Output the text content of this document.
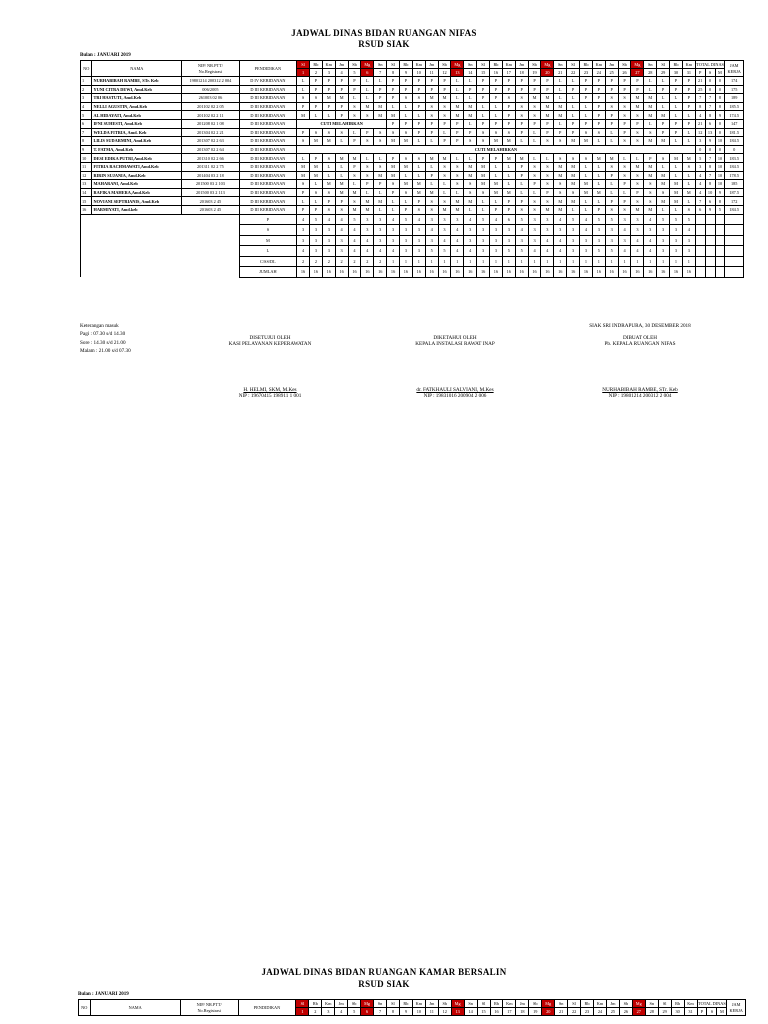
JADWAL DINAS BIDAN RUANGAN NIFAS
RSUD SIAK
Bulan : JANUARI 2019
NO	NAMA	NIP/ NR.PTT/
No.Registrasi	PENDIDIKAN	Sl	Rb	Km	Jm	Sb	Mg	Sn	Sl	Rb	Km	Jm	Sb	Mg	Sn	Sl	Rb	Km	Jm	Sb	Mg	Sn	Sl	Rb	Km	Jm	Sb	Mg	Sn	Sl	Rb	Km	TOTAL DINAS			JAM KERJA
				1	2	3	4	5	6	7	8	9	10	11	12	13	14	15	16	17	18	19	20	21	22	23	24	25	26	27	28	29	30	31	P	S	M	
1	NURHABIBAH RAMBE, STr. Keb	19801214 200312 2 004	D IV KEBIDANAN	L	P	P	P	P	L	L	P	P	P	P	P	L	L	P	P	P	P	P	P	L	L	P	P	P	P	P	L	L	P	P	21	0	0	174
2	YUNI CITRA DEWI, Amd.Keb	006/2005	D III KEBIDANAN	L	P	P	P	P	L	P	P	P	P	P	P	L	P	P	P	P	P	P	P	L	P	P	P	P	P	P	L	P	P	P	25	0	0	175
3	TRI HASTUTI, Amd.Keb	261003 02 06	D III KEBIDANAN	S	S	M	M	L	L	P	P	S	S	M	M	L	L	P	P	S	S	M	M	L	L	P	P	S	S	M	M	L	L	P	7	7	8	189
4	NELLI AGUSTIN, Amd.Keb	201102 02 2 05	D III KEBIDANAN	P	P	P	P	S	M	M	L	L	P	S	S	M	M	L	L	P	S	S	M	M	L	L	P	S	S	M	M	L	L	P	8	7	8	185.5
5	AL HIDAYATI, Amd.Keb	201102 02 2 11	D III KEBIDANAN	M	L	L	P	S	S	M	M	L	L	S	S	M	M	L	L	P	S	S	M	M	L	L	P	P	S	S	M	M	L	L	4	8	9	174.5
6	IFNI SUHESTI, Amd.Keb	201208 02 1 08	D III KEBIDANAN	CUTI MELAHIRKAN							P	P	P	P	P	P	L	P	P	P	P	P	P	L	P	P	P	P	P	P	L	P	P	P	21	6	0	147
7	WELDA FITRIA, Amd. Keb	201304 02 2 21	D III KEBIDANAN	P	S	S	S	L	P	S	S	S	P	P	L	P	P	S	S	S	P	L	P	P	P	S	S	L	P	S	S	P	P	L	12	13	0	181.5
8	LILIS SUDARMINI, Amd.Keb	201307 02 2 63	D III KEBIDANAN	S	M	M	L	P	S	S	M	M	L	L	P	P	S	S	M	M	L	L	S	S	M	M	L	L	S	S	M	M	L	L	3	9	10	184.5
9	T. FATMA, Amd.Keb	201307 02 2 64	D III KEBIDANAN	CUTI MELAHIRKAN																															0	0	0	0
10	DESI EDIKA PUTRI,Amd.Keb	201310 02 2 66	D III KEBIDANAN	L	P	S	M	M	L	L	P	S	S	M	M	L	L	P	P	M	M	L	L	S	S	S	M	M	L	L	P	S	M	M	5	7	10	183.5
11	FITRIA RACHMAWATI,Amd.Keb	201311 02 2 75	D III KEBIDANAN	M	M	L	L	P	S	S	M	M	L	L	S	S	M	M	L	L	P	S	S	M	M	L	L	S	S	M	M	L	L	S	3	8	10	184.5
12	RIRIN SUJANIA, Amd.Keb	201404 03 2 18	D III KEBIDANAN	M	M	L	L	S	S	M	M	L	L	P	S	S	M	M	L	L	P	S	S	M	M	L	L	P	S	S	M	M	L	L	4	7	10	178.5
13	MAHARANI, Amd.Keb	201500 03 2 103	D III KEBIDANAN	S	L	M	M	L	P	P	S	M	M	L	L	S	S	M	M	L	L	P	S	S	M	M	L	L	P	S	S	M	M	L	4	8	10	185
14	RAFIKA MAHERA,Amd.Keb	201500 03 2 113	D III KEBIDANAN	P	S	S	M	M	L	L	P	S	M	M	L	L	S	S	M	M	L	L	P	S	S	M	M	L	L	P	S	S	M	M	4	10	9	187.5
15	NOVIANI SEPTRIANIS, Amd.Keb	201603 2 45	D III KEBIDANAN	L	L	P	P	S	M	M	L	L	P	S	S	M	M	L	L	P	P	S	S	M	M	L	L	P	P	S	S	M	M	L	7	6	8	172
16	HARMIYATI, Amd.keb	201603 2 45	D III KEBIDANAN	P	P	S	S	M	M	L	L	P	S	S	M	M	L	L	P	P	S	S	M	M	L	L	P	S	S	M	M	L	L	S	6	9	5	184.5
			P	4	5	4	4	5	3	3	4	5	4	3	3	3	4	5	4	6	5	3	3	4	5	4	5	5	3	3	4	5	5	5				
			S	3	3	3	4	4	3	3	3	3	3	4	3	4	3	3	3	3	4	3	3	3	3	4	3	3	4	3	3	3	3	4				
			M	3	3	3	3	4	4	3	3	3	3	3	4	4	3	3	3	3	3	3	4	4	3	3	3	3	3	4	4	3	3	3				
			L	4	3	3	3	4	4	4	4	3	3	5	5	4	4	3	3	5	5	4	4	4	3	3	5	5	4	4	4	3	3	3				
			C/SS/DL	2	2	2	2	2	2	2	1	1	1	1	1	1	1	1	1	1	1	1	1	1	1	1	1	1	1	1	1	1	1	1				
			JUMLAH	16	16	16	16	16	16	16	16	16	16	16	16	16	16	16	16	16	16	16	16	16	16	16	16	16	16	16	16	16	16	16				
Keterangan masuk
Pagi : 07.30 s/d 14.30
Sore : 14.30 s/d 21.00
Malam : 21.00 s/d 07.30
SIAK SRI INDRAPURA, 30 DESEMBER 2018
DISETUJUI OLEH
KASI PELAYANAN KEPERAWATAN
DIKETAHUI OLEH
KEPALA INSTALASI RAWAT INAP
DIBUAT OLEH
Pb. KEPALA RUANGAN NIFAS
H. HELMI, SKM, M.Kes
NIP : 19670415 198911 1 001
dr. FATKHAULI SALVIANI, M.Kes
NIP : 19831016 200904 2 006
NURHABIBAH RAMBE, STr. Keb
NIP : 19801214 200312 2 004
JADWAL DINAS BIDAN RUANGAN KAMAR BERSALIN
RSUD SIAK
Bulan : JANUARI 2019
NO	NAMA	NIP/ NR.PTT/
No.Registrasi	PENDIDIKAN	Sl	Rb	Km	Jm	Sb	Mg	Sn	Sl	Rb	Km	Jm	Sb	Mg	Sn	Sl	Rb	Km	Jm	Sb	Mg	Sn	Sl	Rb	Km	Jm	Sb	Mg	Sn	Sl	Rb	Km	TOTAL DINAS			JAM KERJA
				1	2	3	4	5	6	7	8	9	10	11	12	13	14	15	16	17	18	19	20	21	22	23	24	25	26	27	28	29	30	31	P	S	M	
